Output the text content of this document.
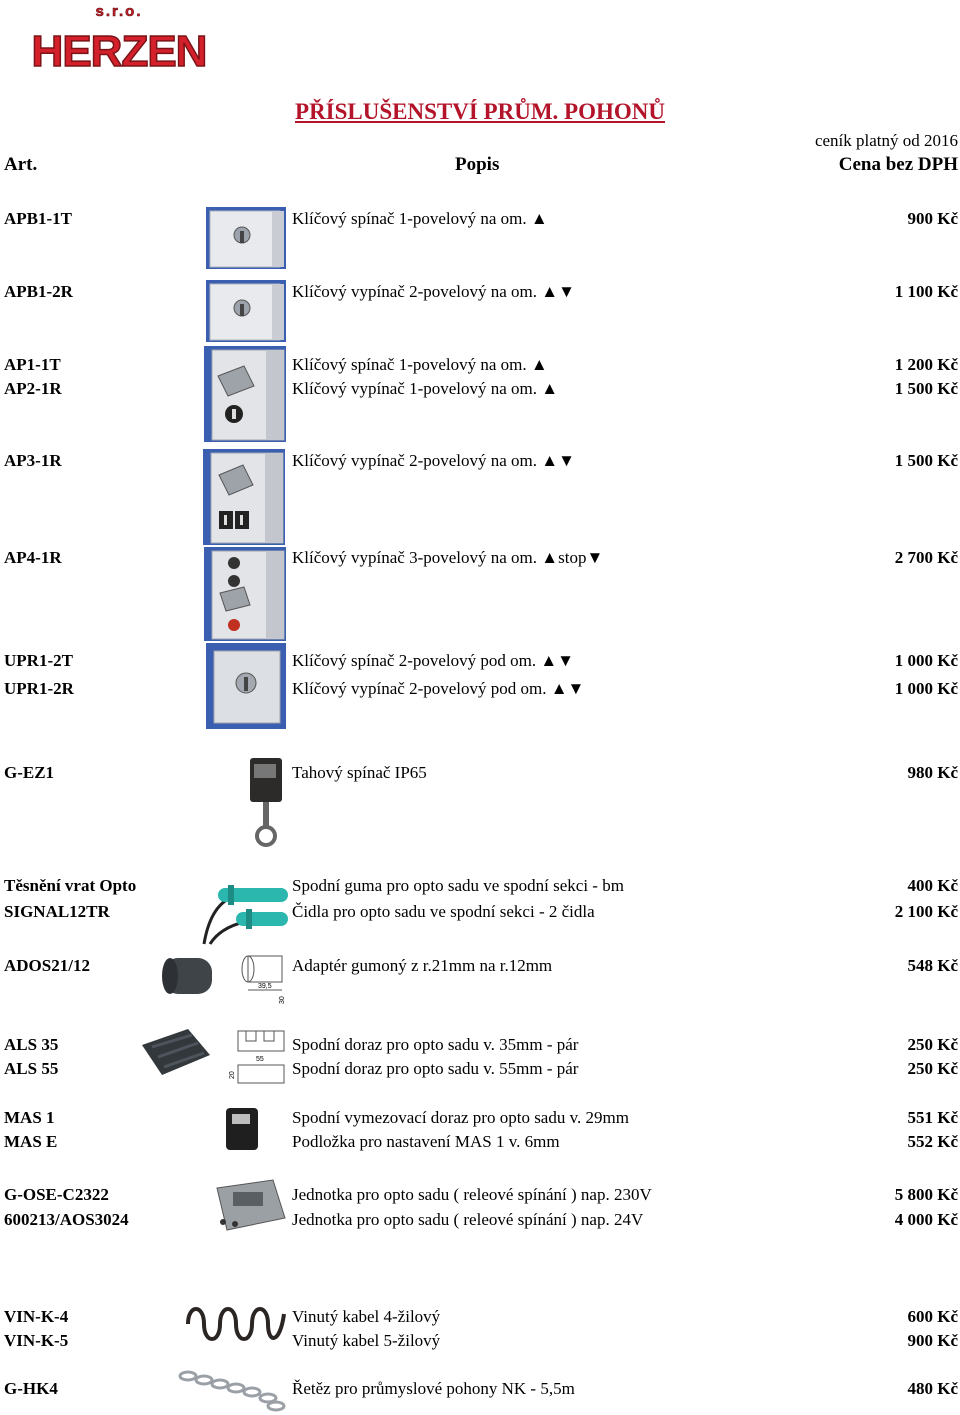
s.r.o.
HERZEN
PŘÍSLUŠENSTVÍ PRŮM. POHONŮ
ceník platný od 2016
Art.	Popis	Cena bez DPH
APB1-1T	Klíčový spínač 1-povelový na om. ▲	900 Kč
APB1-2R	Klíčový vypínač 2-povelový na om. ▲▼	1 100 Kč
AP1-1T	Klíčový spínač 1-povelový na om. ▲	1 200 Kč
AP2-1R	Klíčový vypínač 1-povelový na om. ▲	1 500 Kč
AP3-1R	Klíčový vypínač 2-povelový na om. ▲▼	1 500 Kč
AP4-1R	Klíčový vypínač 3-povelový na om. ▲stop▼	2 700 Kč
UPR1-2T	Klíčový spínač 2-povelový pod om. ▲▼	1 000 Kč
UPR1-2R	Klíčový vypínač 2-povelový pod om. ▲▼	1 000 Kč
G-EZ1	Tahový spínač IP65	980 Kč
Těsnění vrat Opto	Spodní guma pro opto sadu ve spodní sekci - bm	400 Kč
SIGNAL12TR	Čidla pro opto sadu ve spodní sekci - 2 čidla	2 100 Kč
ADOS21/12	Adaptér gumoný z r.21mm na r.12mm	548 Kč
ALS 35	Spodní doraz pro opto sadu v. 35mm - pár	250 Kč
ALS 55	Spodní doraz pro opto sadu v. 55mm - pár	250 Kč
MAS 1	Spodní vymezovací doraz pro opto sadu v. 29mm	551 Kč
MAS E	Podložka pro nastavení MAS 1 v. 6mm	552 Kč
G-OSE-C2322	Jednotka pro opto sadu ( releové spínání ) nap. 230V	5 800 Kč
600213/AOS3024	Jednotka pro opto sadu ( releové spínání ) nap. 24V	4 000 Kč
VIN-K-4	Vinutý kabel 4-žilový	600 Kč
VIN-K-5	Vinutý kabel 5-žilový	900 Kč
G-HK4	Řetěz pro průmyslové pohony NK - 5,5m	480 Kč
39,5
30
55
20
